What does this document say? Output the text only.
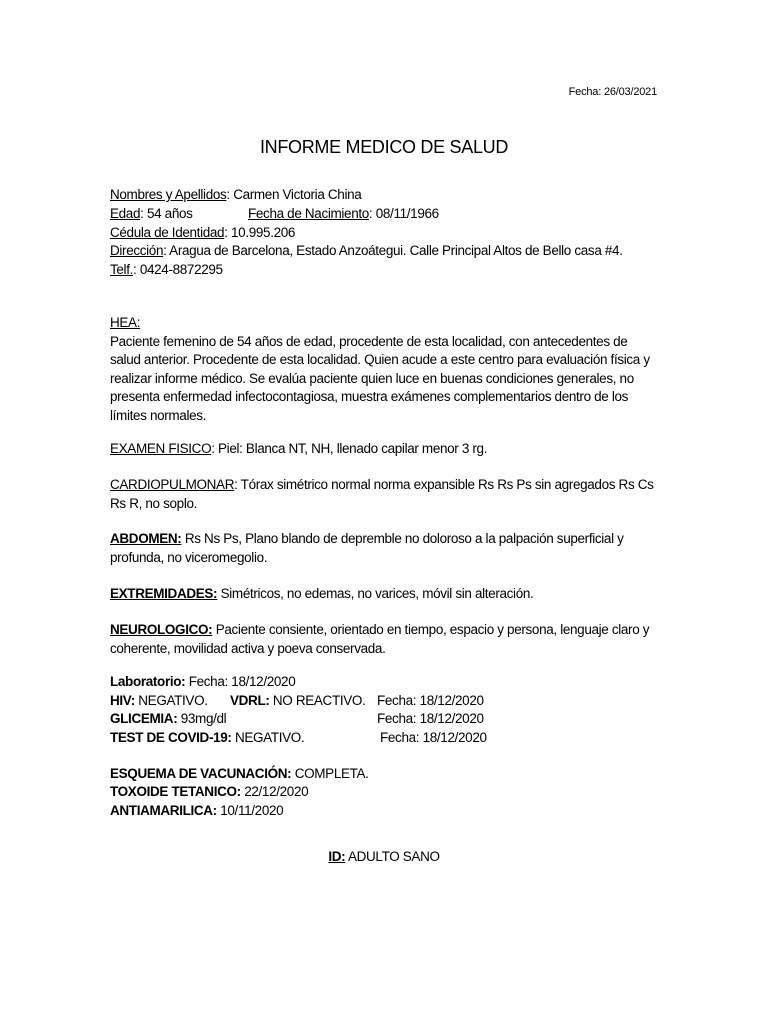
Fecha: 26/03/2021
INFORME MEDICO DE SALUD
Nombres y Apellidos: Carmen Victoria China
Edad: 54 años	Fecha de Nacimiento: 08/11/1966
Cédula de Identidad: 10.995.206
Dirección: Aragua de Barcelona, Estado Anzoátegui. Calle Principal Altos de Bello casa #4.
Telf.: 0424-8872295
HEA:
Paciente femenino de 54 años de edad, procedente de esta localidad, con antecedentes de salud anterior. Procedente de esta localidad. Quien acude a este centro para evaluación física y realizar informe médico. Se evalúa paciente quien luce en buenas condiciones generales, no presenta enfermedad infectocontagiosa, muestra exámenes complementarios dentro de los límites normales.
EXAMEN FISICO: Piel: Blanca NT, NH, llenado capilar menor 3 rg.
CARDIOPULMONAR: Tórax simétrico normal norma expansible Rs Rs Ps sin agregados Rs Cs Rs R, no soplo.
ABDOMEN: Rs Ns Ps, Plano blando de depremble no doloroso a la palpación superficial y profunda, no viceromegolio.
EXTREMIDADES: Simétricos, no edemas, no varices, móvil sin alteración.
NEUROLOGICO: Paciente consiente, orientado en tiempo, espacio y persona, lenguaje claro y coherente, movilidad activa y poeva conservada.
Laboratorio: Fecha: 18/12/2020
HIV: NEGATIVO. VDRL: NO REACTIVO. Fecha: 18/12/2020
GLICEMIA: 93mg/dl	Fecha: 18/12/2020
TEST DE COVID-19: NEGATIVO.	Fecha: 18/12/2020
ESQUEMA DE VACUNACIÓN: COMPLETA.
TOXOIDE TETANICO: 22/12/2020
ANTIAMARILICA: 10/11/2020
ID: ADULTO SANO
